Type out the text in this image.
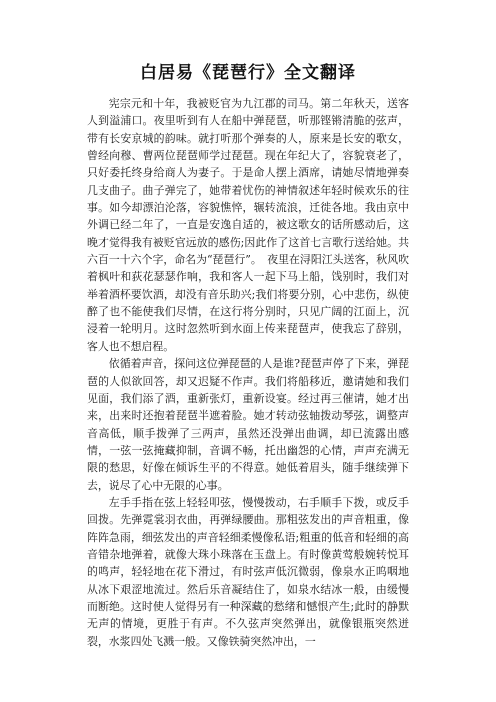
白居易《琵琶行》全文翻译

宪宗元和十年，我被贬官为九江郡的司马。第二年秋天，送客人到溢浦口。夜里听到有人在船中弹琵琶，听那铿锵清脆的弦声，带有长安京城的韵味。就打听那个弹奏的人，原来是长安的歌女，曾经向穆、曹两位琵琶师学过琵琶。现在年纪大了，容貌衰老了，只好委托终身给商人为妻子。于是命人摆上酒席，请她尽情地弹奏几支曲子。曲子弹完了，她带着忧伤的神情叙述年轻时候欢乐的往事。如今却漂泊沦落，容貌憔悴，辗转流浪，迁徙各地。我由京中外调已经二年了，一直是安逸自适的，被这歌女的话所感动后，这晚才觉得我有被贬官远放的感伤;因此作了这首七言歌行送给她。共六百一十六个字，命名为“琵琶行”。　夜里在浔阳江头送客，秋风吹着枫叶和荻花瑟瑟作响，我和客人一起下马上船，饯别时，我们对举着酒杯要饮酒，却没有音乐助兴;我们将要分别，心中悲伤，纵使醉了也不能使我们尽情，在这行将分别时，只见广阔的江面上，沉浸着一轮明月。这时忽然听到水面上传来琵琶声，使我忘了辞别，客人也不想启程。

依循着声音，探问这位弹琵琶的人是谁?琵琶声停了下来，弹琵琶的人似欲回答，却又迟疑不作声。我们将船移近，邀请她和我们见面，我们添了酒，重新张灯，重新设宴。经过再三催请，她才出来，出来时还抱着琵琶半遮着脸。她才转动弦轴拨动琴弦，调整声音高低，顺手拨弹了三两声，虽然还没弹出曲调，却已流露出感情，一弦一弦掩藏抑制，音调不畅，托出幽怨的心情，声声充满无限的愁思，好像在倾诉生平的不得意。她低着眉头，随手继续弹下去，说尽了心中无限的心事。

左手手指在弦上轻轻叩弦，慢慢拨动，右手顺手下拨，或反手回拨。先弹霓裳羽衣曲，再弹绿腰曲。那粗弦发出的声音粗重，像阵阵急雨，细弦发出的声音轻细柔慢像私语;粗重的低音和轻细的高音错杂地弹着，就像大珠小珠落在玉盘上。有时像黄莺般婉转悦耳的鸣声，轻轻地在花下滑过，有时弦声低沉微弱，像泉水正呜咽地从冰下艰涩地流过。然后乐音凝结住了，如泉水结冰一般，由缓慢而断绝。这时使人觉得另有一种深藏的愁绪和憾恨产生;此时的静默无声的情境，更胜于有声。不久弦声突然弹出，就像银瓶突然迸裂，水浆四处飞溅一般。又像铁骑突然冲出，一
